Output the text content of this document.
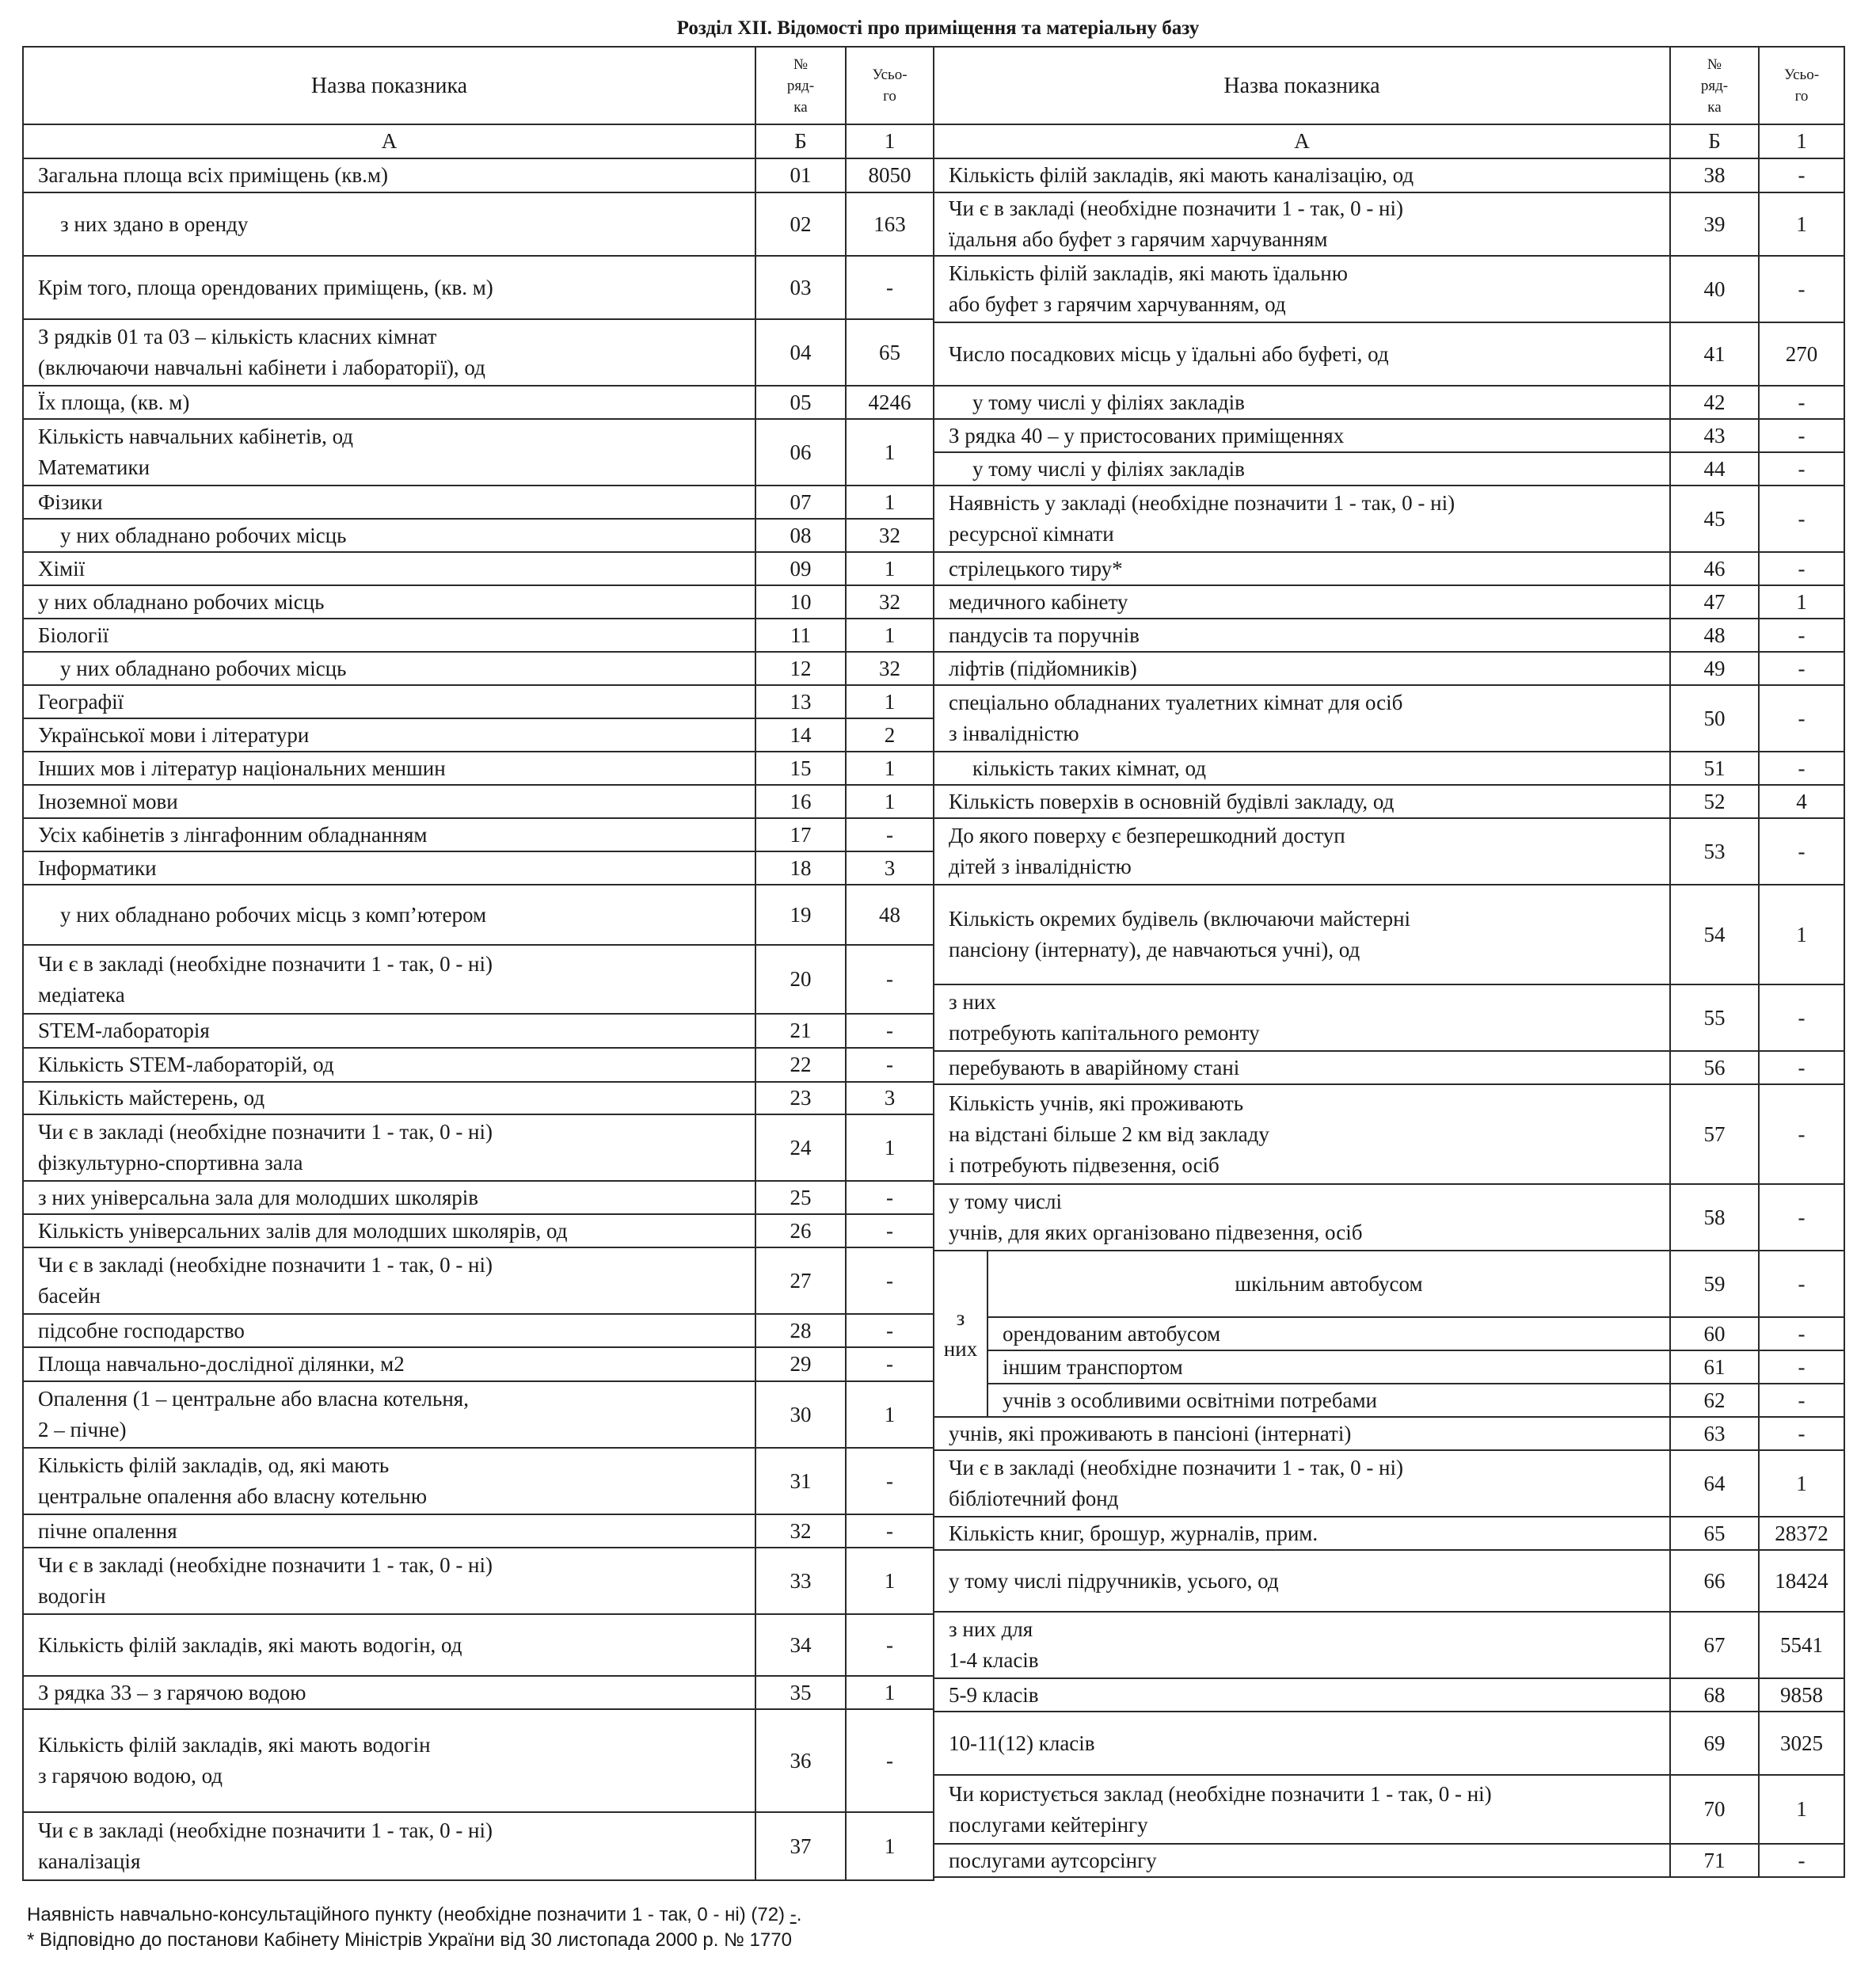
Розділ XII. Відомості про приміщення та матеріальну базу
Назва показника	№
ряд-
ка	Усьо-
го

А	Б	1
Загальна площа всіх приміщень (кв.м)	01	8050
з них здано в оренду	02	163
Крім того, площа орендованих приміщень, (кв. м)	03	-

З рядків 01 та 03 – кількість класних кімнат
(включаючи навчальні кабінети і лабораторії), од	04	65
Їх площа, (кв. м)	05	4246

Кількість навчальних кабінетів, од
Математики	06	1
Фізики	07	1
у них обладнано робочих місць	08	32
Хімії	09	1
у них обладнано робочих місць	10	32
Біології	11	1
у них обладнано робочих місць	12	32
Географії	13	1
Української мови і літератури	14	2
Інших мов і літератур національних меншин	15	1
Іноземної мови	16	1
Усіх кабінетів з лінгафонним обладнанням	17	-
Інформатики	18	3
у них обладнано робочих місць з комп’ютером	19	48

Чи є в закладі (необхідне позначити 1 - так, 0 - ні)
медіатека	20	-
STEM-лабораторія	21	-
Кількість STEM-лабораторій, од	22	-
Кількість майстерень, од	23	3

Чи є в закладі (необхідне позначити 1 - так, 0 - ні)
фізкультурно-спортивна зала	24	1
з них універсальна зала для молодших школярів	25	-
Кількість універсальних залів для молодших школярів, од	26	-

Чи є в закладі (необхідне позначити 1 - так, 0 - ні)
басейн	27	-
підсобне господарство	28	-
Площа навчально-дослідної ділянки, м2	29	-

Опалення (1 – центральне або власна котельня,
2 – пічне)	30	1

Кількість філій закладів, од, які мають
центральне опалення або власну котельню	31	-
пічне опалення	32	-

Чи є в закладі (необхідне позначити 1 - так, 0 - ні)
водогін	33	1
Кількість філій закладів, які мають водогін, од	34	-
З рядка 33 – з гарячою водою	35	1

Кількість філій закладів, які мають водогін
з гарячою водою, од	36	-

Чи є в закладі (необхідне позначити 1 - так, 0 - ні)
каналізація	37	1
Назва показника		№
ряд-
ка	Усьо-
го

А		Б	1
Кількість філій закладів, які мають каналізацію, од		38	-

Чи є в закладі (необхідне позначити 1 - так, 0 - ні)
їдальня або буфет з гарячим харчуванням		39	1

Кількість філій закладів, які мають їдальню
або буфет з гарячим харчуванням, од		40	-
Число посадкових місць у їдальні або буфеті, од		41	270
у тому числі у філіях закладів		42	-
З рядка 40 – у пристосованих приміщеннях		43	-
у тому числі у філіях закладів		44	-

Наявність у закладі (необхідне позначити 1 - так, 0 - ні)
ресурсної кімнати		45	-
стрілецького тиру*		46	-
медичного кабінету		47	1
пандусів та поручнів		48	-
ліфтів (підйомників)		49	-

спеціально обладнаних туалетних кімнат для осіб
з інвалідністю		50	-
кількість таких кімнат, од		51	-
Кількість поверхів в основній будівлі закладу, од		52	4

До якого поверху є безперешкодний доступ
дітей з інвалідністю		53	-

Кількість окремих будівель (включаючи майстерні
пансіону (інтернату), де навчаються учні), од		54	1

з них
потребують капітального ремонту		55	-
перебувають в аварійному стані		56	-

Кількість учнів, які проживають
на відстані більше 2 км від закладу
і потребують підвезення, осіб		57	-

у тому числі
учнів, для яких організовано підвезення, осіб		58	-

з
них	шкільним автобусом	59	-
	орендованим автобусом	60	-
	іншим транспортом	61	-
	учнів з особливими освітніми потребами	62	-
учнів, які проживають в пансіоні (інтернаті)		63	-

Чи є в закладі (необхідне позначити 1 - так, 0 - ні)
бібліотечний фонд		64	1
Кількість книг, брошур, журналів, прим.		65	28372
у тому числі підручників, усього, од		66	18424

з них для
1-4 класів		67	5541
5-9 класів		68	9858
10-11(12) класів		69	3025

Чи користується заклад (необхідне позначити 1 - так, 0 - ні)
послугами кейтерінгу		70	1
послугами аутсорсінгу		71	-
Наявність навчально-консультаційного пункту (необхідне позначити 1 - так, 0 - ні) (72) -.
* Відповідно до постанови Кабінету Міністрів України від 30 листопада 2000 р. № 1770
